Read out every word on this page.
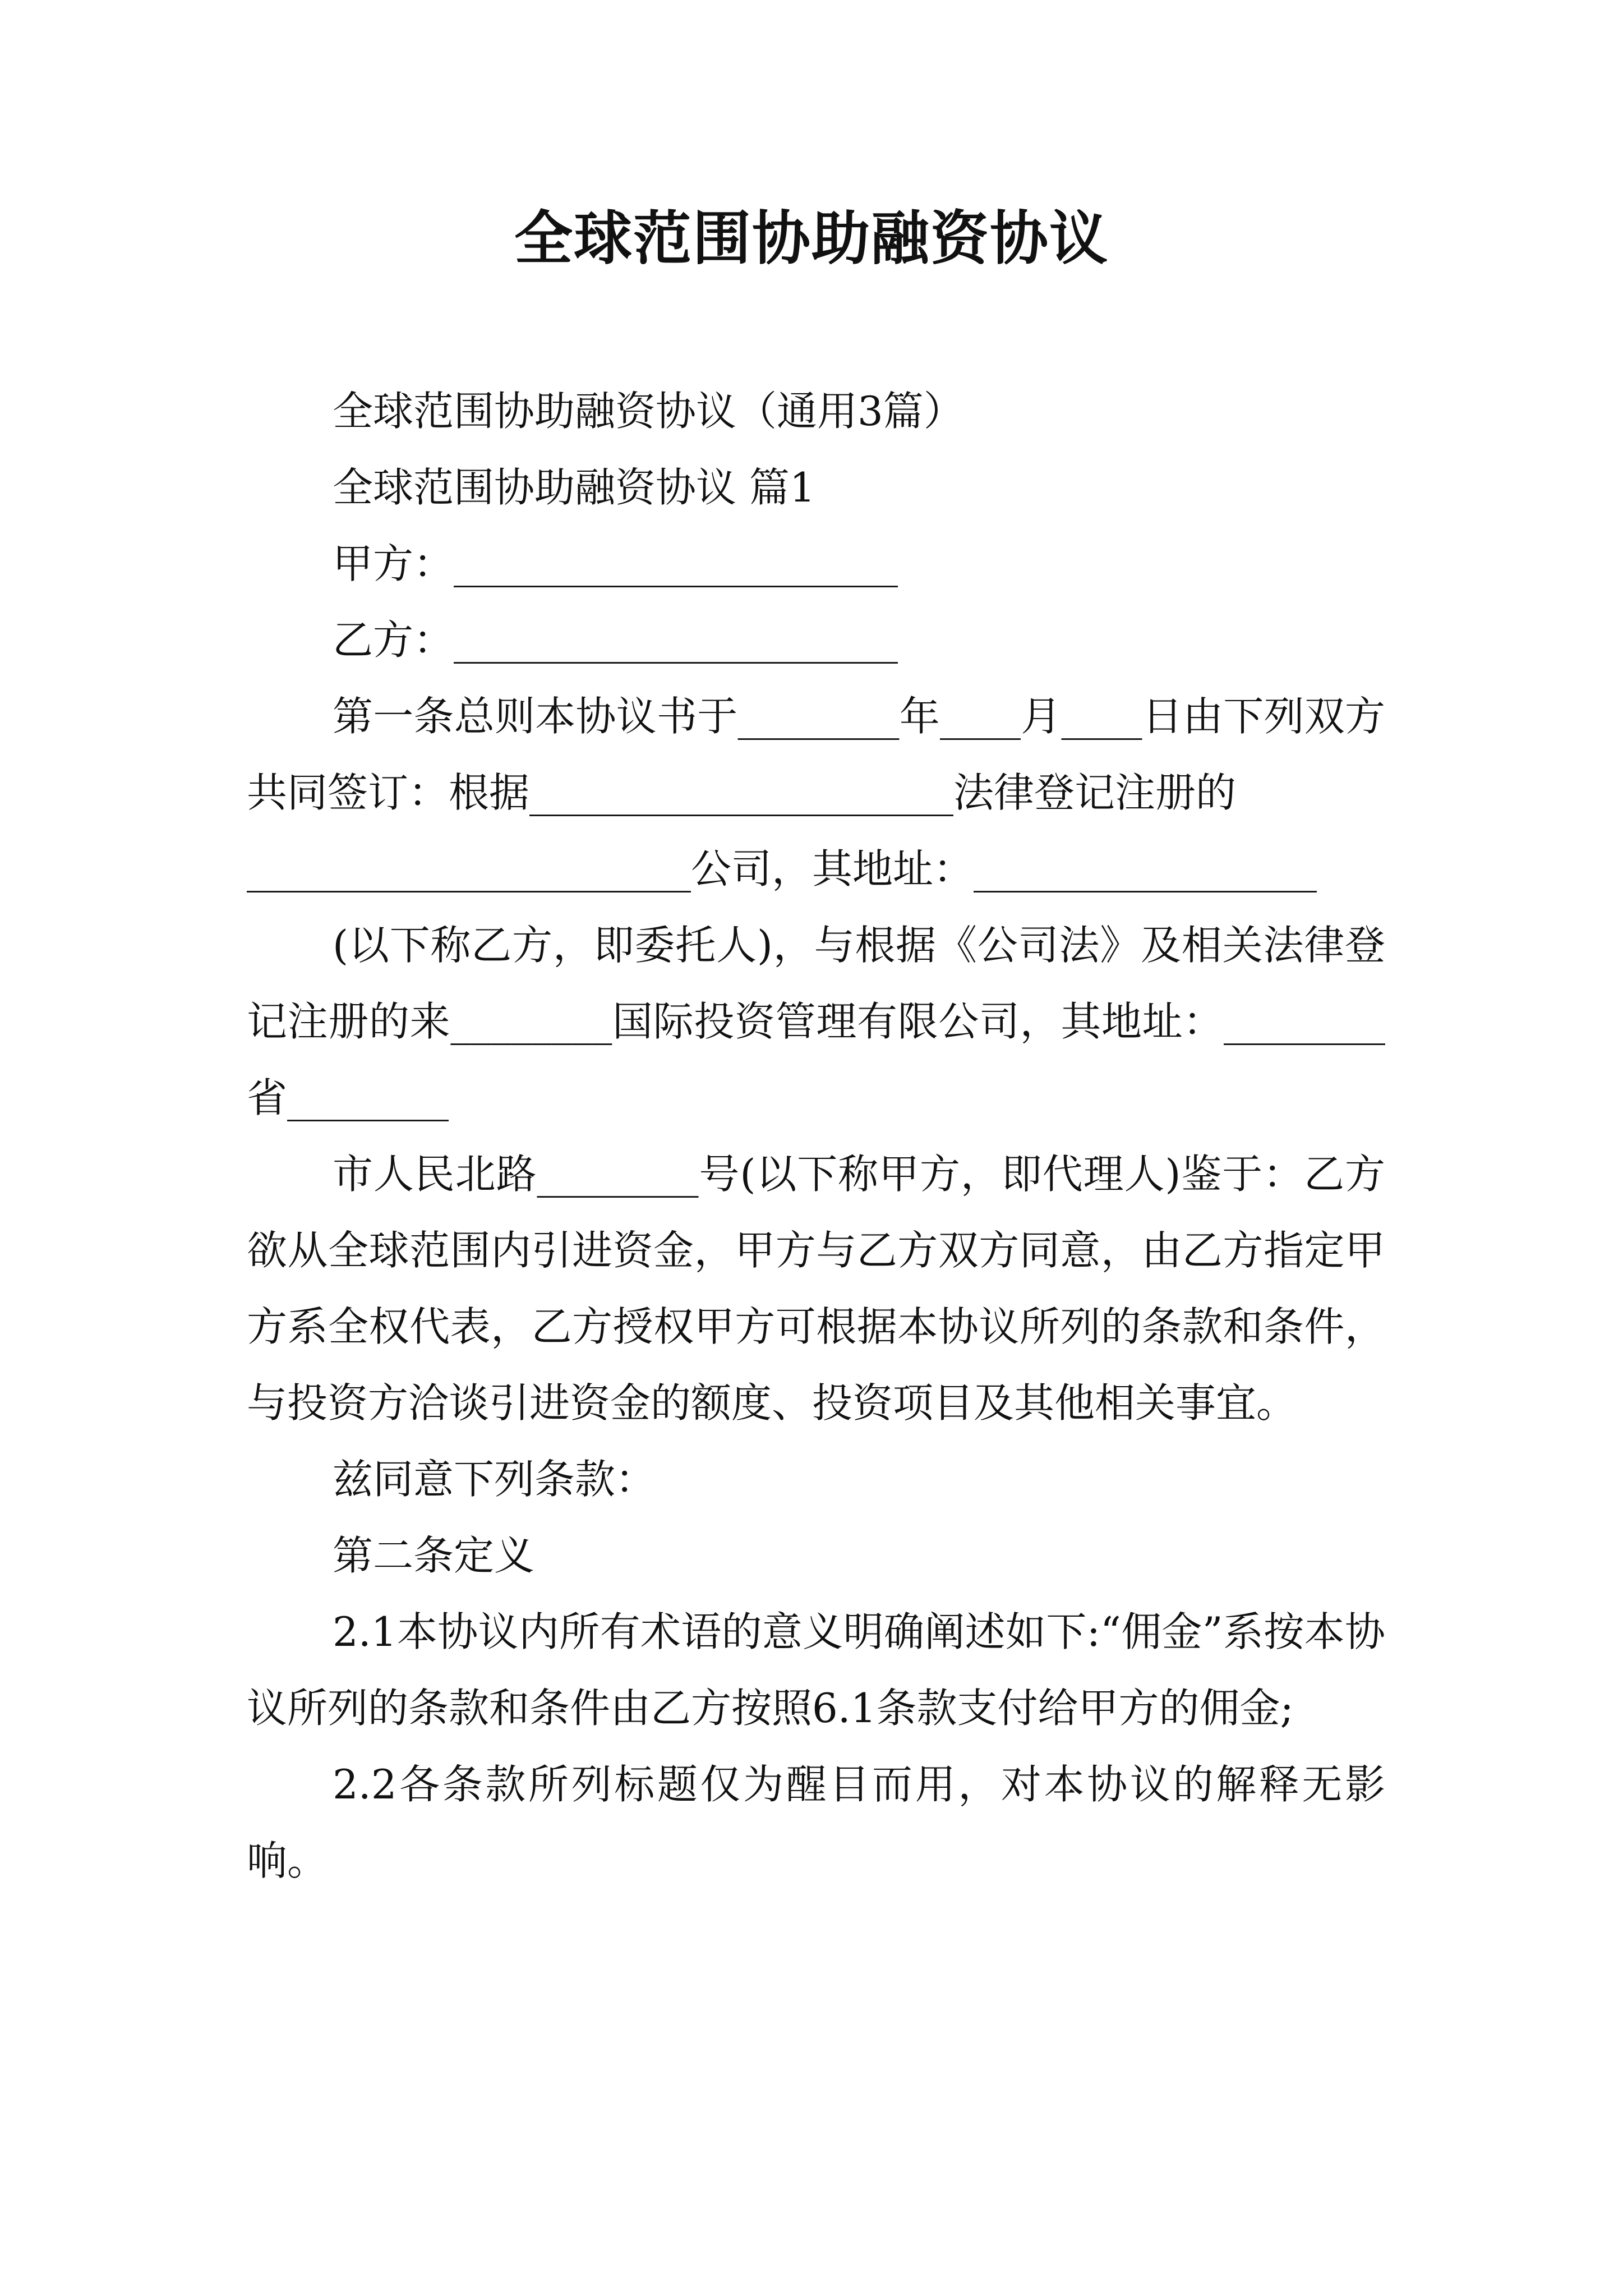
全球范围协助融资协议

全球范围协助融资协议（通用3篇）

全球范围协助融资协议 篇1

甲方：______________________

乙方：______________________

第一条总则本协议书于________年____月____日由下列双方共同签订：根据_____________________法律登记注册的

______________________公司，其地址：_________________

(以下称乙方，即委托人)，与根据《公司法》及相关法律登记注册的来________国际投资管理有限公司，其地址：________省________

市人民北路________号(以下称甲方，即代理人)鉴于：乙方欲从全球范围内引进资金，甲方与乙方双方同意，由乙方指定甲方系全权代表，乙方授权甲方可根据本协议所列的条款和条件，与投资方洽谈引进资金的额度、投资项目及其他相关事宜。

兹同意下列条款：

第二条定义

2.1本协议内所有术语的意义明确阐述如下:“佣金”系按本协议所列的条款和条件由乙方按照6.1条款支付给甲方的佣金;

2.2各条款所列标题仅为醒目而用，对本协议的解释无影响。
